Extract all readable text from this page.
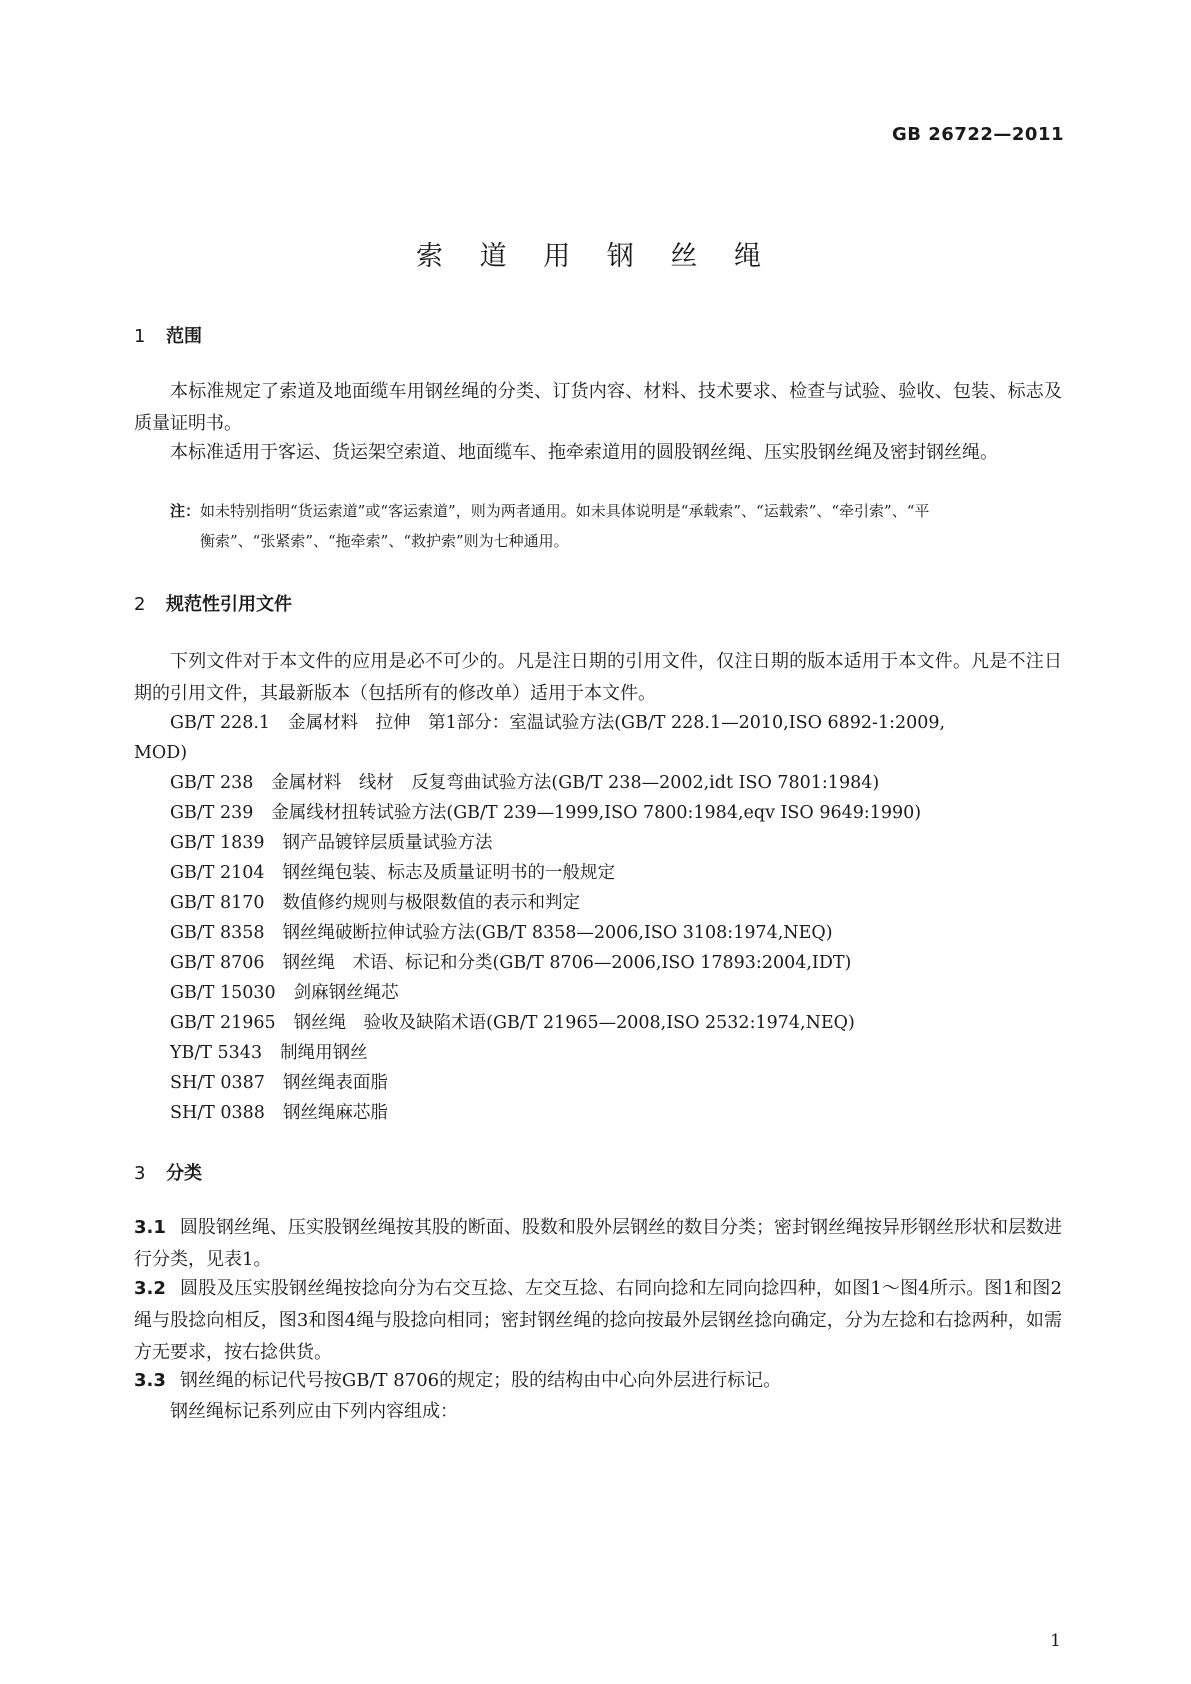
GB 26722—2011
索 道 用 钢 丝 绳
1 范围
本标准规定了索道及地面缆车用钢丝绳的分类、订货内容、材料、技术要求、检查与试验、验收、包装、标志及质量证明书。
本标准适用于客运、货运架空索道、地面缆车、拖牵索道用的圆股钢丝绳、压实股钢丝绳及密封钢丝绳。
注：如未特别指明“货运索道”或“客运索道”，则为两者通用。如未具体说明是“承载索”、“运载索”、“牵引索”、“平
衡索”、“张紧索”、“拖牵索”、“救护索”则为七种通用。
2 规范性引用文件
下列文件对于本文件的应用是必不可少的。凡是注日期的引用文件，仅注日期的版本适用于本文件。凡是不注日期的引用文件，其最新版本（包括所有的修改单）适用于本文件。
GB/T 228.1 金属材料　拉伸　第1部分：室温试验方法(GB/T 228.1—2010,ISO 6892-1:2009,
MOD)
GB/T 238 金属材料　线材　反复弯曲试验方法(GB/T 238—2002,idt ISO 7801:1984)
GB/T 239 金属线材扭转试验方法(GB/T 239—1999,ISO 7800:1984,eqv ISO 9649:1990)
GB/T 1839 钢产品镀锌层质量试验方法
GB/T 2104 钢丝绳包装、标志及质量证明书的一般规定
GB/T 8170 数值修约规则与极限数值的表示和判定
GB/T 8358 钢丝绳破断拉伸试验方法(GB/T 8358—2006,ISO 3108:1974,NEQ)
GB/T 8706 钢丝绳　术语、标记和分类(GB/T 8706—2006,ISO 17893:2004,IDT)
GB/T 15030 剑麻钢丝绳芯
GB/T 21965 钢丝绳　验收及缺陷术语(GB/T 21965—2008,ISO 2532:1974,NEQ)
YB/T 5343 制绳用钢丝
SH/T 0387 钢丝绳表面脂
SH/T 0388 钢丝绳麻芯脂
3 分类
3.1 圆股钢丝绳、压实股钢丝绳按其股的断面、股数和股外层钢丝的数目分类；密封钢丝绳按异形钢丝形状和层数进行分类，见表1。
3.2 圆股及压实股钢丝绳按捻向分为右交互捻、左交互捻、右同向捻和左同向捻四种，如图1～图4所示。图1和图2绳与股捻向相反，图3和图4绳与股捻向相同；密封钢丝绳的捻向按最外层钢丝捻向确定，分为左捻和右捻两种，如需方无要求，按右捻供货。
3.3 钢丝绳的标记代号按GB/T 8706的规定；股的结构由中心向外层进行标记。
钢丝绳标记系列应由下列内容组成：
1
